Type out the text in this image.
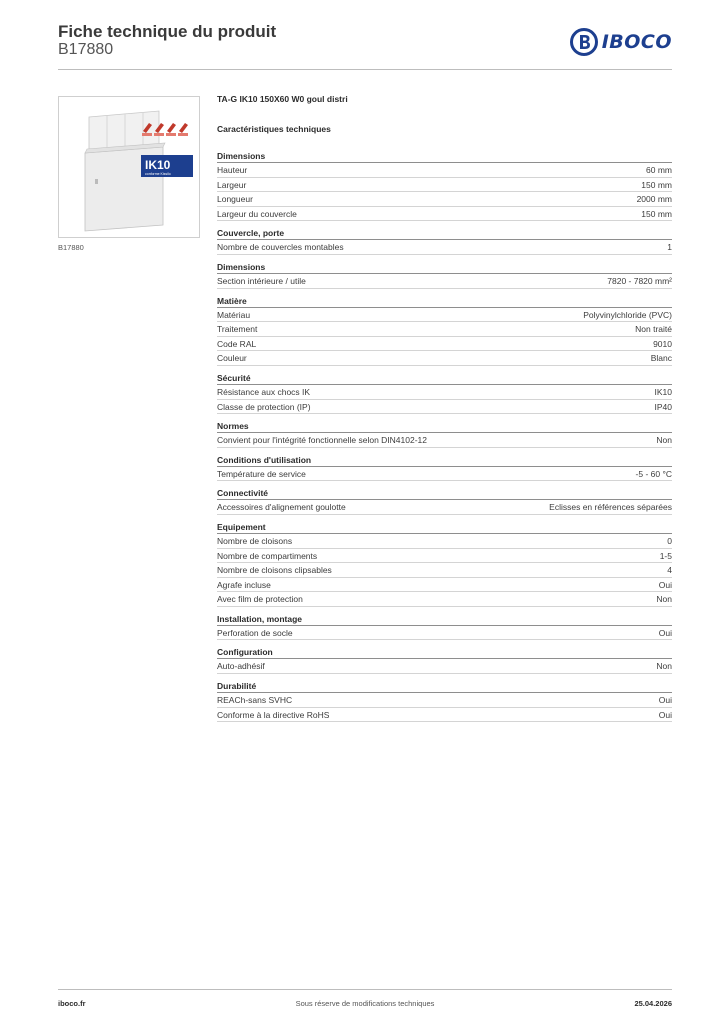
Fiche technique du produit
B17880	IBOCO
IK10
conforme Kissilo
B17880
TA-G IK10 150X60 W0 goul distri
Caractéristiques techniques
Dimensions
Hauteur	60 mm
Largeur	150 mm
Longueur	2000 mm
Largeur du couvercle	150 mm
Couvercle, porte
Nombre de couvercles montables	1
Dimensions
Section intérieure / utile	7820 - 7820 mm²
Matière
Matériau	Polyvinylchloride (PVC)
Traitement	Non traité
Code RAL	9010
Couleur	Blanc
Sécurité
Résistance aux chocs IK	IK10
Classe de protection (IP)	IP40
Normes
Convient pour l'intégrité fonctionnelle selon DIN4102-12	Non
Conditions d'utilisation
Température de service	-5 - 60 °C
Connectivité
Accessoires d'alignement goulotte	Eclisses en références séparées
Equipement
Nombre de cloisons	0
Nombre de compartiments	1-5
Nombre de cloisons clipsables	4
Agrafe incluse	Oui
Avec film de protection	Non
Installation, montage
Perforation de socle	Oui
Configuration
Auto-adhésif	Non
Durabilité
REACh-sans SVHC	Oui
Conforme à la directive RoHS	Oui
iboco.fr	Sous réserve de modifications techniques	25.04.2026
